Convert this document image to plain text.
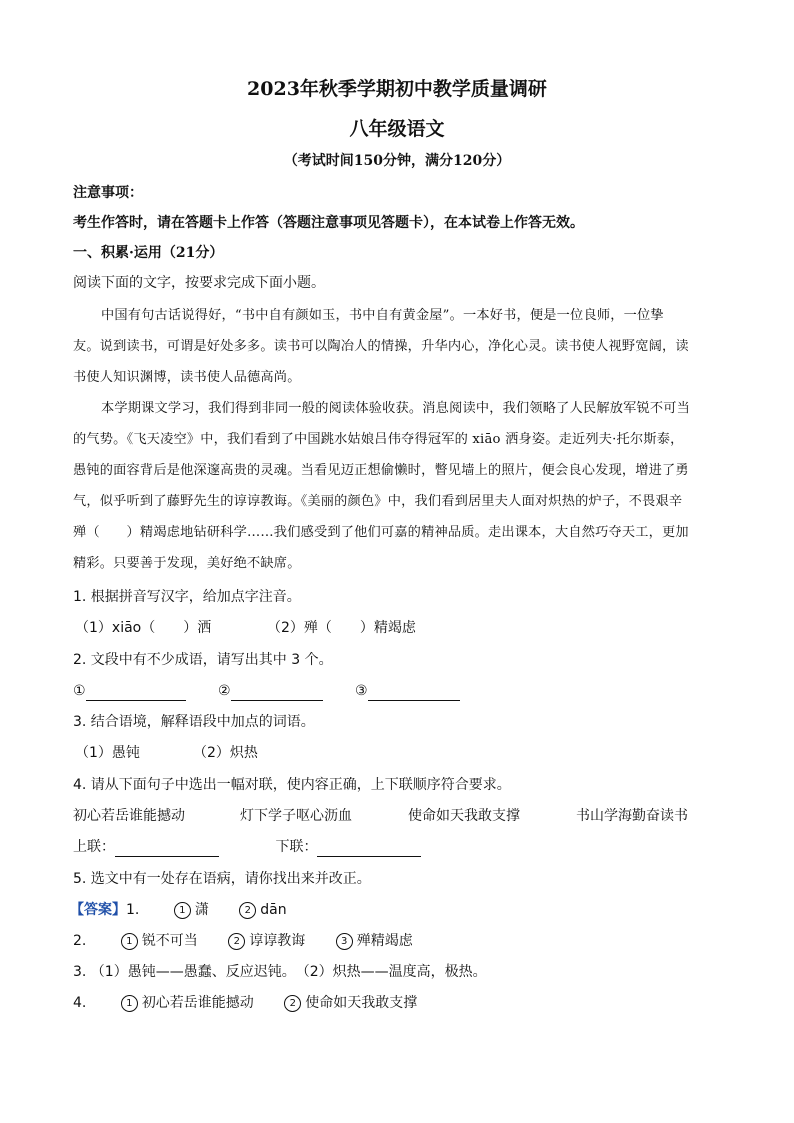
2023年秋季学期初中教学质量调研
八年级语文
（考试时间150分钟，满分120分）
注意事项：
考生作答时，请在答题卡上作答（答题注意事项见答题卡），在本试卷上作答无效。
一、积累·运用（21分）
阅读下面的文字，按要求完成下面小题。
中国有句古话说得好，“书中自有颜如玉，书中自有黄金屋”。一本好书，便是一位良师，一位挚
友。说到读书，可谓是好处多多。读书可以陶冶人的情操，升华内心，净化心灵。读书使人视野宽阔，读
书使人知识渊博，读书使人品德高尚。
本学期课文学习，我们得到非同一般的阅读体验收获。消息阅读中，我们领略了人民解放军锐不可当
的气势。《飞天凌空》中，我们看到了中国跳水姑娘吕伟夺得冠军的 xiāo 洒身姿。走近列夫·托尔斯泰，
愚钝的面容背后是他深邃高贵的灵魂。当看见迈正想偷懒时，瞥见墙上的照片，便会良心发现，增进了勇
气，似乎听到了藤野先生的谆谆教诲。《美丽的颜色》中，我们看到居里夫人面对炽热的炉子，不畏艰辛
殚（　　）精竭虑地钻研科学……我们感受到了他们可嘉的精神品质。走出课本，大自然巧夺天工，更加
精彩。只要善于发现，美好绝不缺席。
1. 根据拼音写汉字，给加点字注音。
（1）xiāo（　　）洒	（2）殚（　　）精竭虑
2. 文段中有不少成语，请写出其中 3 个。
①	②	③
3. 结合语境，解释语段中加点的词语。
（1）愚钝	（2）炽热
4. 请从下面句子中选出一幅对联，使内容正确，上下联顺序符合要求。
初心若岳谁能撼动	灯下学子呕心沥血	使命如天我敢支撑	书山学海勤奋读书
上联：	下联：
5. 选文中有一处存在语病，请你找出来并改正。
【答案】1.	1 潇	2 dān
2.	1 锐不可当	2 谆谆教诲	3 殚精竭虑
3. （1）愚钝——愚蠢、反应迟钝。　（2）炽热——温度高，极热。
4.	1 初心若岳谁能撼动	2 使命如天我敢支撑
